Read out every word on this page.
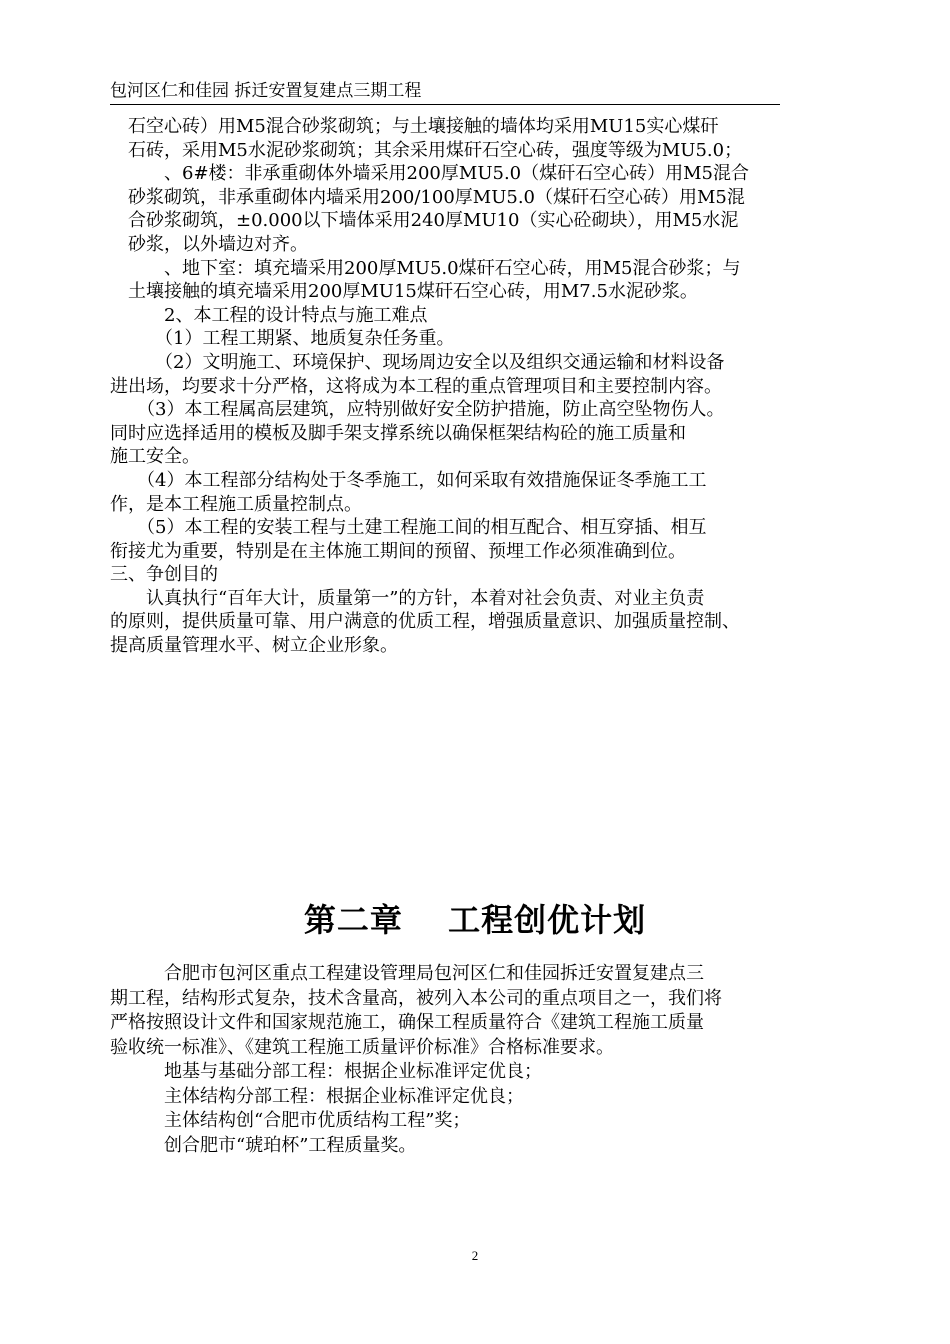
包河区仁和佳园 拆迁安置复建点三期工程
　石空心砖）用M5混合砂浆砌筑；与土壤接触的墙体均采用MU15实心煤矸
　石砖，采用M5水泥砂浆砌筑；其余采用煤矸石空心砖，强度等级为MU5.0；
　　　、6#楼：非承重砌体外墙采用200厚MU5.0（煤矸石空心砖）用M5混合
　砂浆砌筑，非承重砌体内墙采用200/100厚MU5.0（煤矸石空心砖）用M5混
　合砂浆砌筑，±0.000以下墙体采用240厚MU10（实心砼砌块），用M5水泥
　砂浆，以外墙边对齐。
　　　、地下室：填充墙采用200厚MU5.0煤矸石空心砖，用M5混合砂浆；与
　土壤接触的填充墙采用200厚MU15煤矸石空心砖，用M7.5水泥砂浆。
　　　2、本工程的设计特点与施工难点
　　　（1）工程工期紧、地质复杂任务重。
　　　（2）文明施工、环境保护、现场周边安全以及组织交通运输和材料设备
进出场，均要求十分严格，这将成为本工程的重点管理项目和主要控制内容。
　　（3）本工程属高层建筑，应特别做好安全防护措施，防止高空坠物伤人。
同时应选择适用的模板及脚手架支撑系统以确保框架结构砼的施工质量和
施工安全。
　　（4）本工程部分结构处于冬季施工，如何采取有效措施保证冬季施工工
作，是本工程施工质量控制点。
　　（5）本工程的安装工程与土建工程施工间的相互配合、相互穿插、相互
衔接尤为重要，特别是在主体施工期间的预留、预埋工作必须准确到位。
三、争创目的
　　认真执行“百年大计，质量第一”的方针，本着对社会负责、对业主负责
的原则，提供质量可靠、用户满意的优质工程，增强质量意识、加强质量控制、
提高质量管理水平、树立企业形象。
第二章　 工程创优计划
　　　合肥市包河区重点工程建设管理局包河区仁和佳园拆迁安置复建点三
期工程，结构形式复杂，技术含量高，被列入本公司的重点项目之一，我们将
严格按照设计文件和国家规范施工，确保工程质量符合《建筑工程施工质量
验收统一标准》、《建筑工程施工质量评价标准》合格标准要求。
　　　地基与基础分部工程：根据企业标准评定优良；
　　　主体结构分部工程：根据企业标准评定优良；
　　　主体结构创“合肥市优质结构工程”奖；
　　　创合肥市“琥珀杯”工程质量奖。
2
